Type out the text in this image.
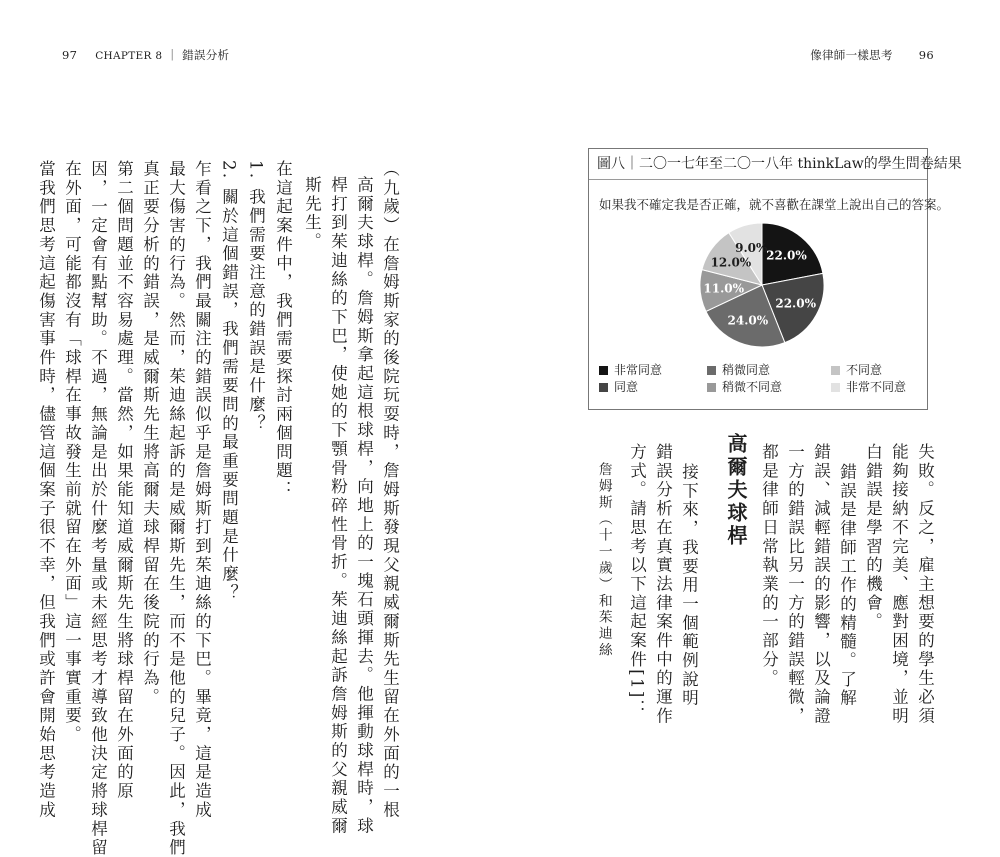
97 CHAPTER 8 ｜ 錯誤分析	像律師一樣思考 96
（九歲）在詹姆斯家的後院玩耍時，詹姆斯發現父親威爾斯先生留在外面的一根
高爾夫球桿。詹姆斯拿起這根球桿，向地上的一塊石頭揮去。他揮動球桿時，球
桿打到茱迪絲的下巴，使她的下顎骨粉碎性骨折。茱迪絲起訴詹姆斯的父親威爾
斯先生。
在這起案件中，我們需要探討兩個問題：
1. 我們需要注意的錯誤是什麼？
2. 關於這個錯誤，我們需要問的最重要問題是什麼？
乍看之下，我們最關注的錯誤似乎是詹姆斯打到茱迪絲的下巴。畢竟，這是造成
最大傷害的行為。然而，茱迪絲起訴的是威爾斯先生，而不是他的兒子。因此，我們
真正要分析的錯誤，是威爾斯先生將高爾夫球桿留在後院的行為。
第二個問題並不容易處理。當然，如果能知道威爾斯先生將球桿留在外面的原
因，一定會有點幫助。不過，無論是出於什麼考量或未經思考才導致他決定將球桿留
在外面，可能都沒有「球桿在事故發生前就留在外面」這一事實重要。
當我們思考這起傷害事件時，儘管這個案子很不幸，但我們或許會開始思考造成	圖八｜二〇一七年至二〇一八年 thinkLaw的學生問卷結果
如果我不確定我是否正確，就不喜歡在課堂上說出自己的答案。
22.0%
22.0%
24.0%
11.0%
12.0%
9.0%
非常同意
同意
稍微同意
稍微不同意
不同意
非常不同意
失敗。反之，雇主想要的學生必須
能夠接納不完美、應對困境，並明
白錯誤是學習的機會。
錯誤是律師工作的精髓。了解
錯誤、減輕錯誤的影響，以及論證
一方的錯誤比另一方的錯誤輕微，
都是律師日常執業的一部分。
高爾夫球桿
接下來，我要用一個範例說明
錯誤分析在真實法律案件中的運作
方式。請思考以下這起案件[1]：
詹姆斯（十一歲）和茱迪絲
